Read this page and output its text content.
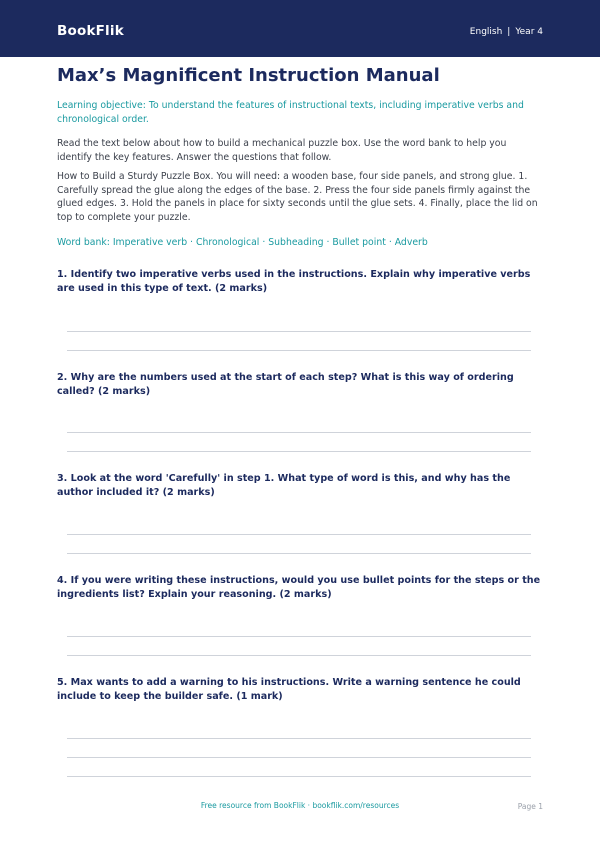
BookFlik	English | Year 4
Max’s Magnificent Instruction Manual
Learning objective: To understand the features of instructional texts, including imperative verbs and chronological order.
Read the text below about how to build a mechanical puzzle box. Use the word bank to help you identify the key features. Answer the questions that follow.
How to Build a Sturdy Puzzle Box. You will need: a wooden base, four side panels, and strong glue. 1. Carefully spread the glue along the edges of the base. 2. Press the four side panels firmly against the glued edges. 3. Hold the panels in place for sixty seconds until the glue sets. 4. Finally, place the lid on top to complete your puzzle.
Word bank: Imperative verb · Chronological · Subheading · Bullet point · Adverb
1. Identify two imperative verbs used in the instructions. Explain why imperative verbs are used in this type of text. (2 marks)
2. Why are the numbers used at the start of each step? What is this way of ordering called? (2 marks)
3. Look at the word 'Carefully' in step 1. What type of word is this, and why has the author included it? (2 marks)
4. If you were writing these instructions, would you use bullet points for the steps or the ingredients list? Explain your reasoning. (2 marks)
5. Max wants to add a warning to his instructions. Write a warning sentence he could include to keep the builder safe. (1 mark)
Free resource from BookFlik · bookflik.com/resources	Page 1
